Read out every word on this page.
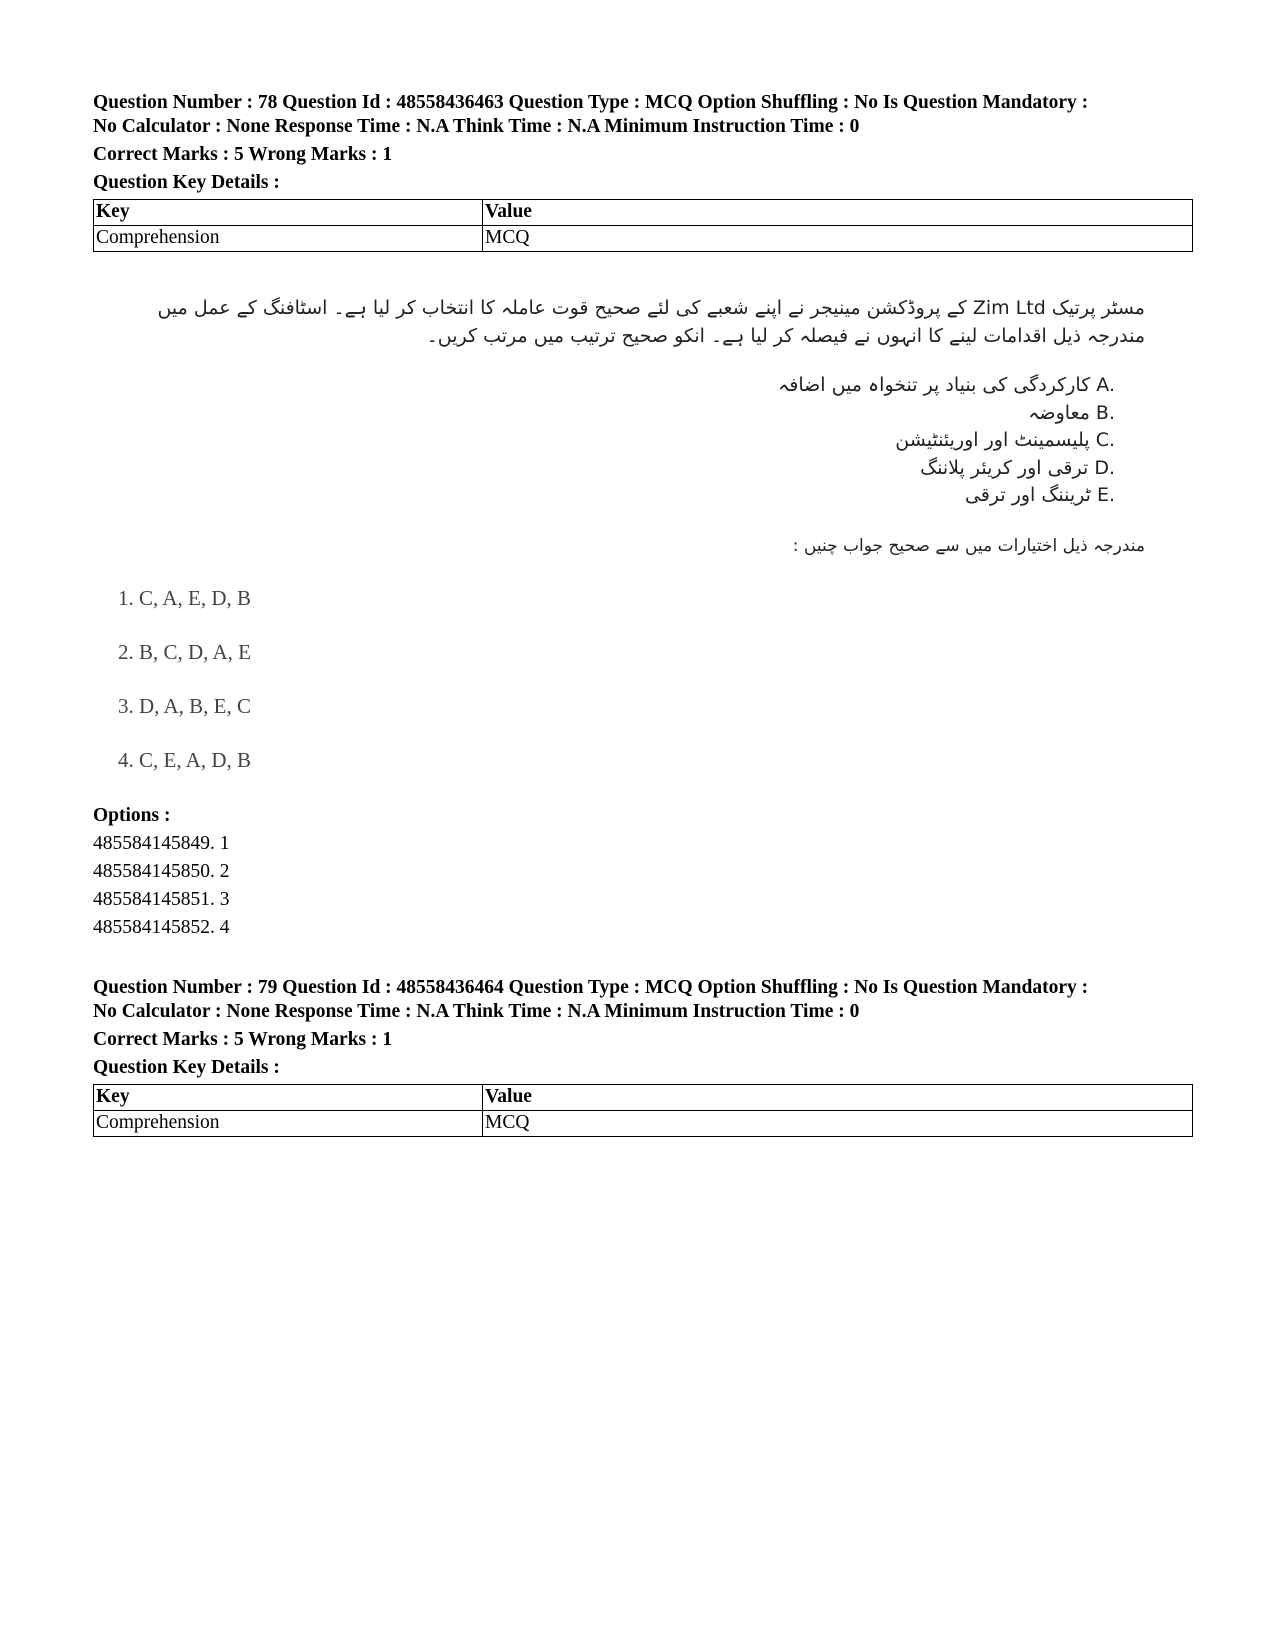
Question Number : 78 Question Id : 48558436463 Question Type : MCQ Option Shuffling : No Is Question Mandatory :
No Calculator : None Response Time : N.A Think Time : N.A Minimum Instruction Time : 0
Correct Marks : 5 Wrong Marks : 1
Question Key Details :
Key	Value
Comprehension	MCQ
مسٹر پرتیک Zim Ltd کے پروڈکشن مینیجر نے اپنے شعبے کی لئے صحیح قوت عاملہ کا انتخاب کر لیا ہے۔ اسٹافنگ کے عمل میں
مندرجہ ذیل اقدامات لینے کا انہوں نے فیصلہ کر لیا ہے۔ انکو صحیح ترتیب میں مرتب کریں۔
A. کارکردگی کی بنیاد پر تنخواہ میں اضافہ
B. معاوضہ
C. پلیسمینٹ اور اوریئنٹیشن
D. ترقی اور کریئر پلاننگ
E. ٹریننگ اور ترقی
مندرجہ ذیل اختیارات میں سے صحیح جواب چنیں :
1. C, A, E, D, B
2. B, C, D, A, E
3. D, A, B, E, C
4. C, E, A, D, B
Options :
485584145849. 1
485584145850. 2
485584145851. 3
485584145852. 4
Question Number : 79 Question Id : 48558436464 Question Type : MCQ Option Shuffling : No Is Question Mandatory :
No Calculator : None Response Time : N.A Think Time : N.A Minimum Instruction Time : 0
Correct Marks : 5 Wrong Marks : 1
Question Key Details :
Key	Value
Comprehension	MCQ
